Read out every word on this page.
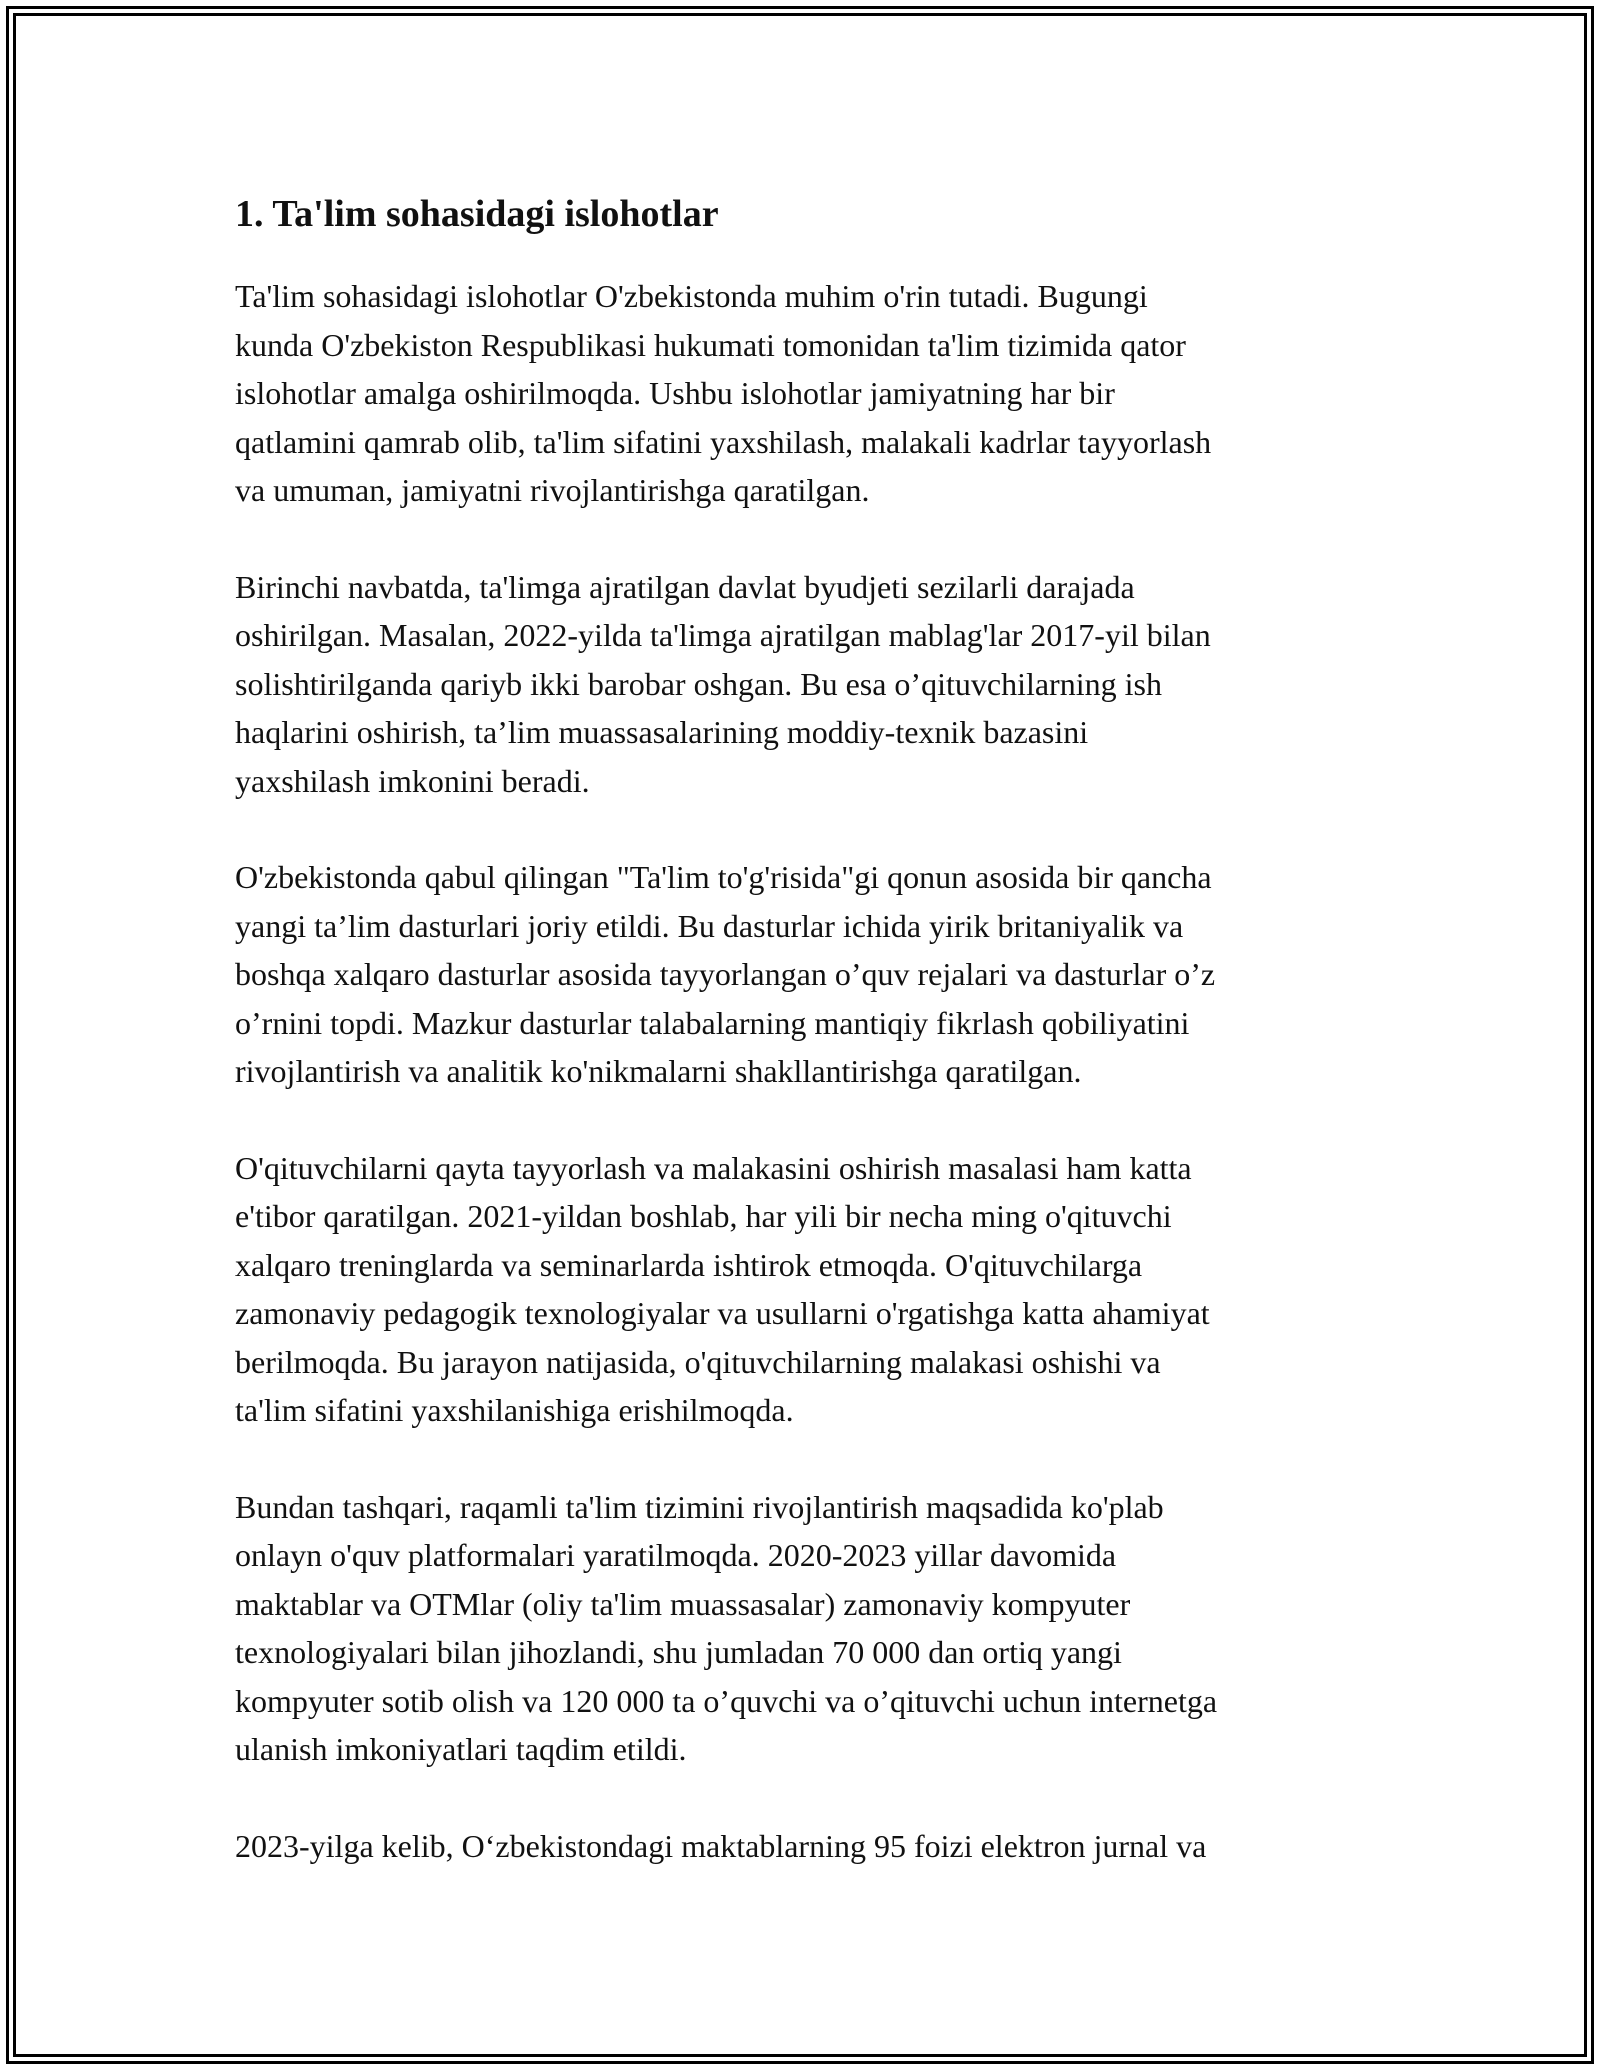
1. Ta'lim sohasidagi islohotlar
Ta'lim sohasidagi islohotlar O'zbekistonda muhim o'rin tutadi. Bugungi
kunda O'zbekiston Respublikasi hukumati tomonidan ta'lim tizimida qator
islohotlar amalga oshirilmoqda. Ushbu islohotlar jamiyatning har bir
qatlamini qamrab olib, ta'lim sifatini yaxshilash, malakali kadrlar tayyorlash
va umuman, jamiyatni rivojlantirishga qaratilgan.
Birinchi navbatda, ta'limga ajratilgan davlat byudjeti sezilarli darajada
oshirilgan. Masalan, 2022-yilda ta'limga ajratilgan mablag'lar 2017-yil bilan
solishtirilganda qariyb ikki barobar oshgan. Bu esa o’qituvchilarning ish
haqlarini oshirish, ta’lim muassasalarining moddiy-texnik bazasini
yaxshilash imkonini beradi.
O'zbekistonda qabul qilingan "Ta'lim to'g'risida"gi qonun asosida bir qancha
yangi ta’lim dasturlari joriy etildi. Bu dasturlar ichida yirik britaniyalik va
boshqa xalqaro dasturlar asosida tayyorlangan o’quv rejalari va dasturlar o’z
o’rnini topdi. Mazkur dasturlar talabalarning mantiqiy fikrlash qobiliyatini
rivojlantirish va analitik ko'nikmalarni shakllantirishga qaratilgan.
O'qituvchilarni qayta tayyorlash va malakasini oshirish masalasi ham katta
e'tibor qaratilgan. 2021-yildan boshlab, har yili bir necha ming o'qituvchi
xalqaro treninglarda va seminarlarda ishtirok etmoqda. O'qituvchilarga
zamonaviy pedagogik texnologiyalar va usullarni o'rgatishga katta ahamiyat
berilmoqda. Bu jarayon natijasida, o'qituvchilarning malakasi oshishi va
ta'lim sifatini yaxshilanishiga erishilmoqda.
Bundan tashqari, raqamli ta'lim tizimini rivojlantirish maqsadida ko'plab
onlayn o'quv platformalari yaratilmoqda. 2020-2023 yillar davomida
maktablar va OTMlar (oliy ta'lim muassasalar) zamonaviy kompyuter
texnologiyalari bilan jihozlandi, shu jumladan 70 000 dan ortiq yangi
kompyuter sotib olish va 120 000 ta o’quvchi va o’qituvchi uchun internetga
ulanish imkoniyatlari taqdim etildi.
2023-yilga kelib, O‘zbekistondagi maktablarning 95 foizi elektron jurnal va
